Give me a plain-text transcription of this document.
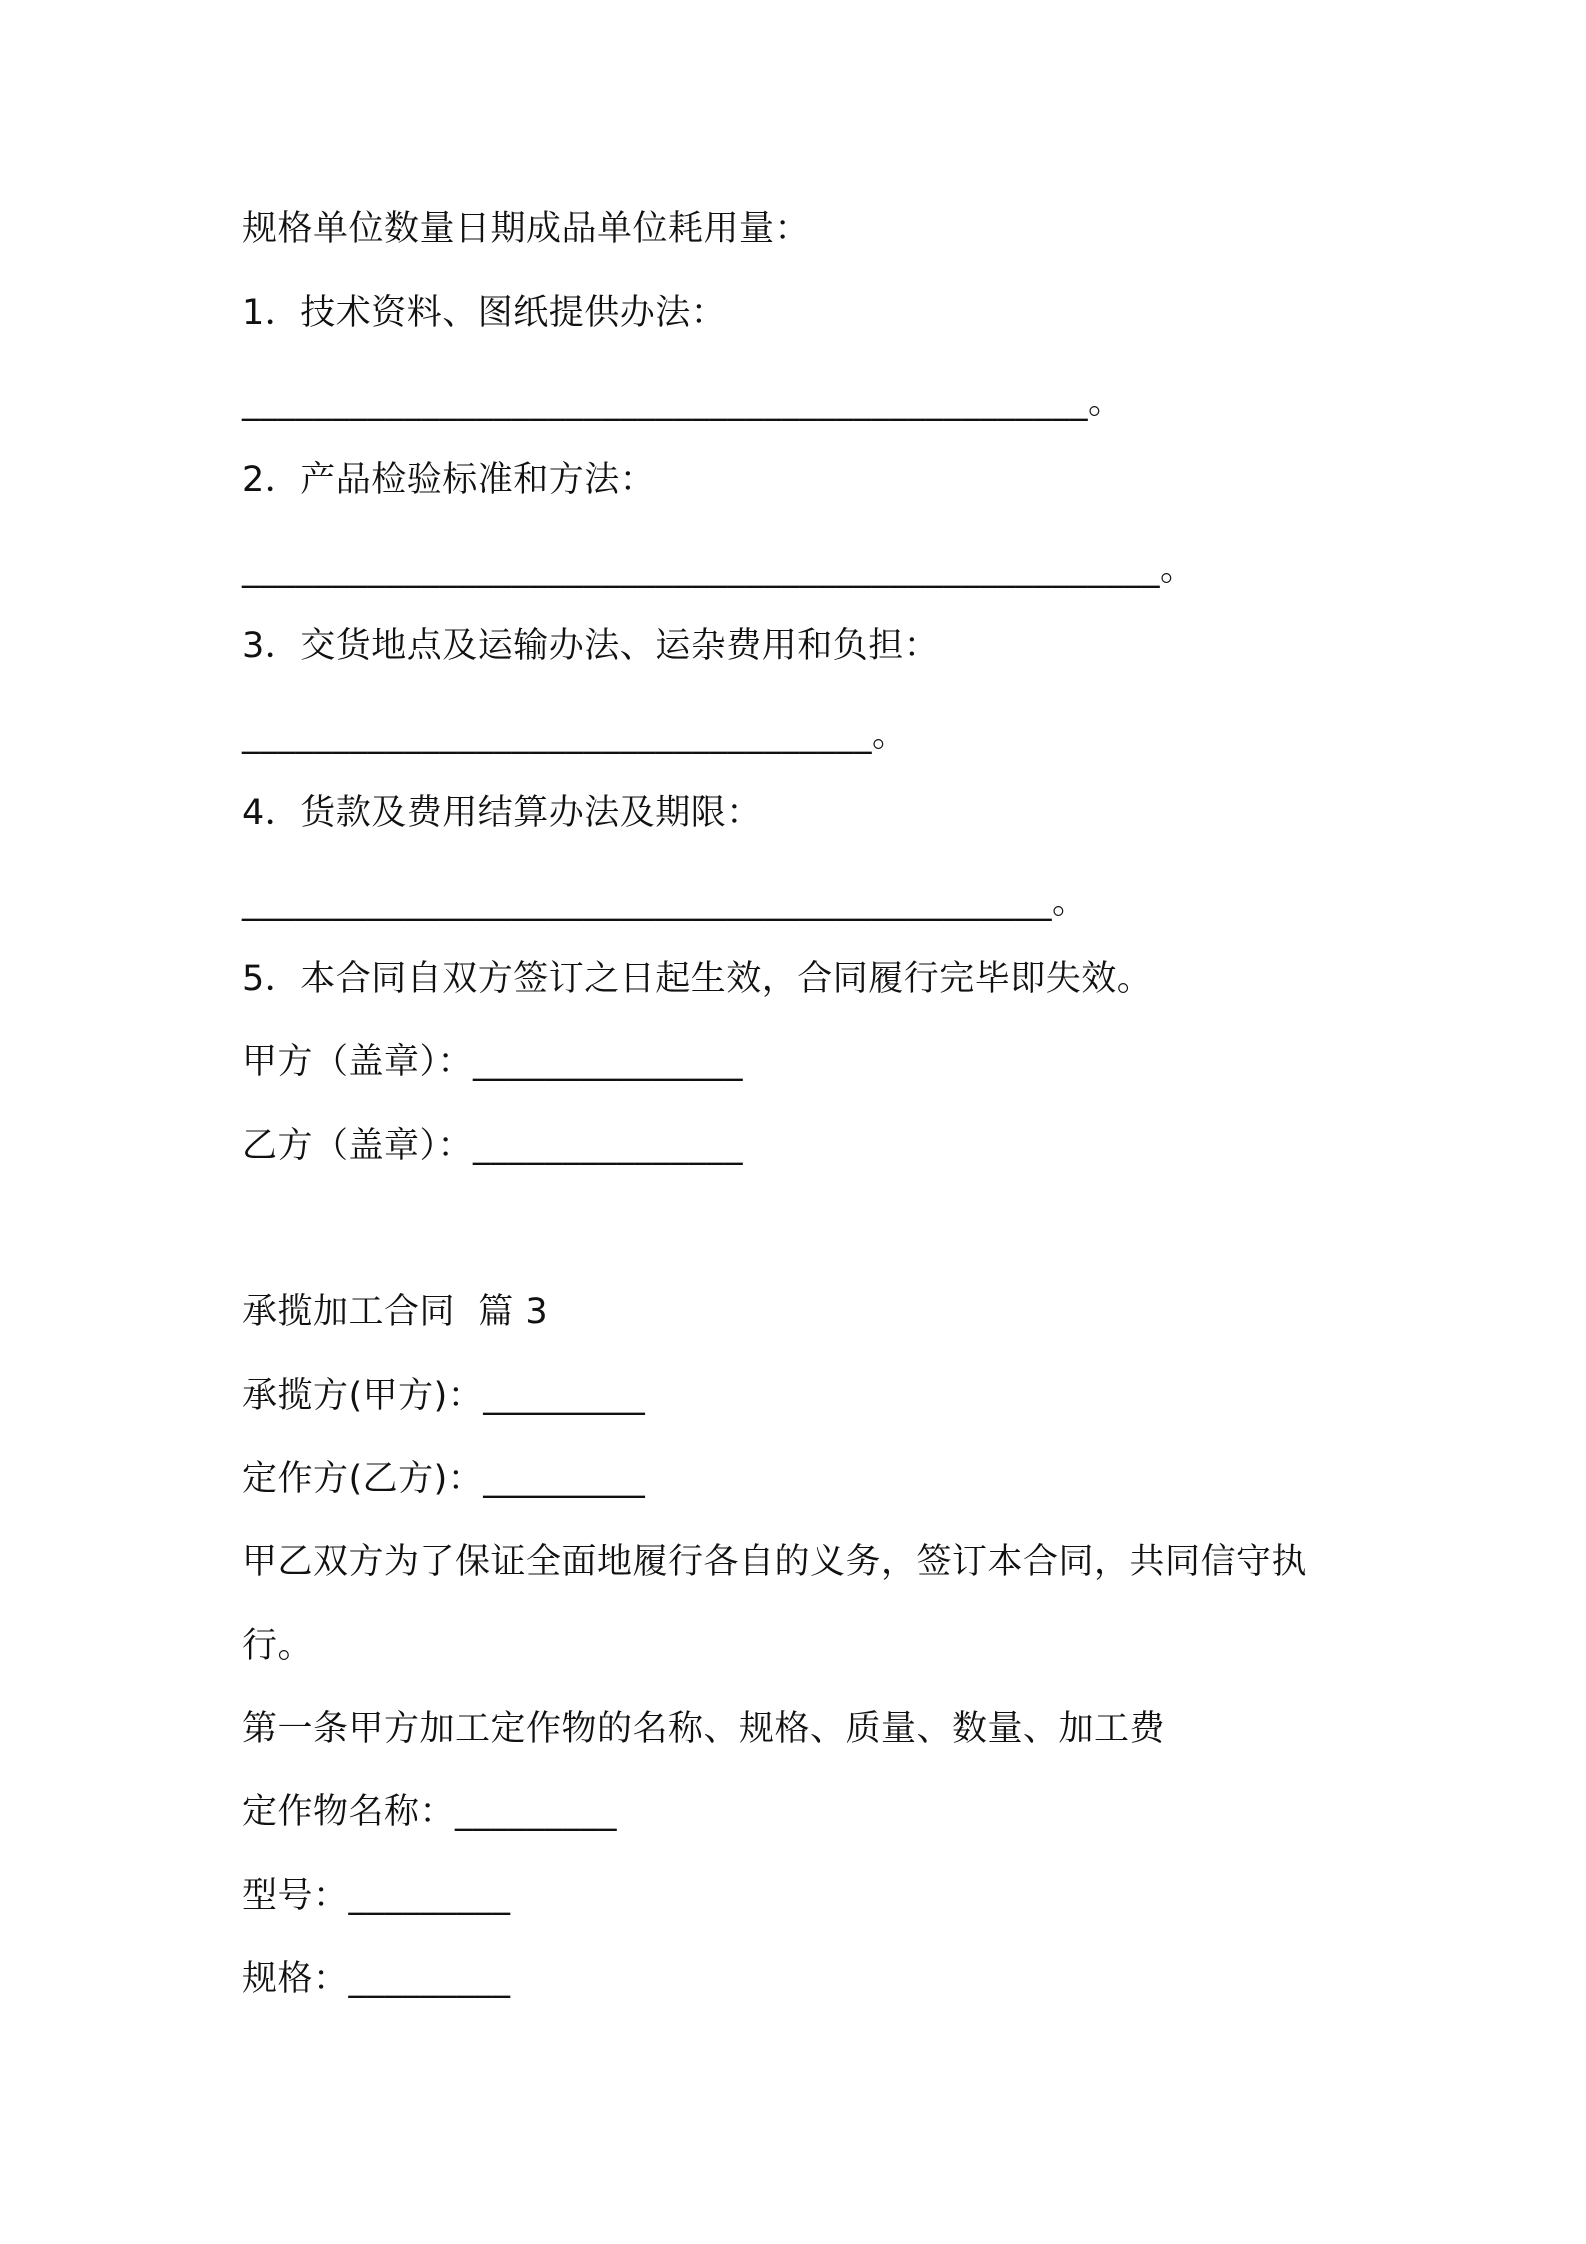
规格单位数量日期成品单位耗用量：
1．技术资料、图纸提供办法：
_______________________________________________。
2．产品检验标准和方法：
___________________________________________________。
3．交货地点及运输办法、运杂费用和负担：
___________________________________。
4．货款及费用结算办法及期限：
_____________________________________________。
5．本合同自双方签订之日起生效，合同履行完毕即失效。
甲方（盖章）：_______________
乙方（盖章）：_______________
承揽加工合同  篇 3
承揽方(甲方)：_________
定作方(乙方)：_________
甲乙双方为了保证全面地履行各自的义务，签订本合同，共同信守执
行。
第一条甲方加工定作物的名称、规格、质量、数量、加工费
定作物名称：_________
型号：_________
规格：_________
